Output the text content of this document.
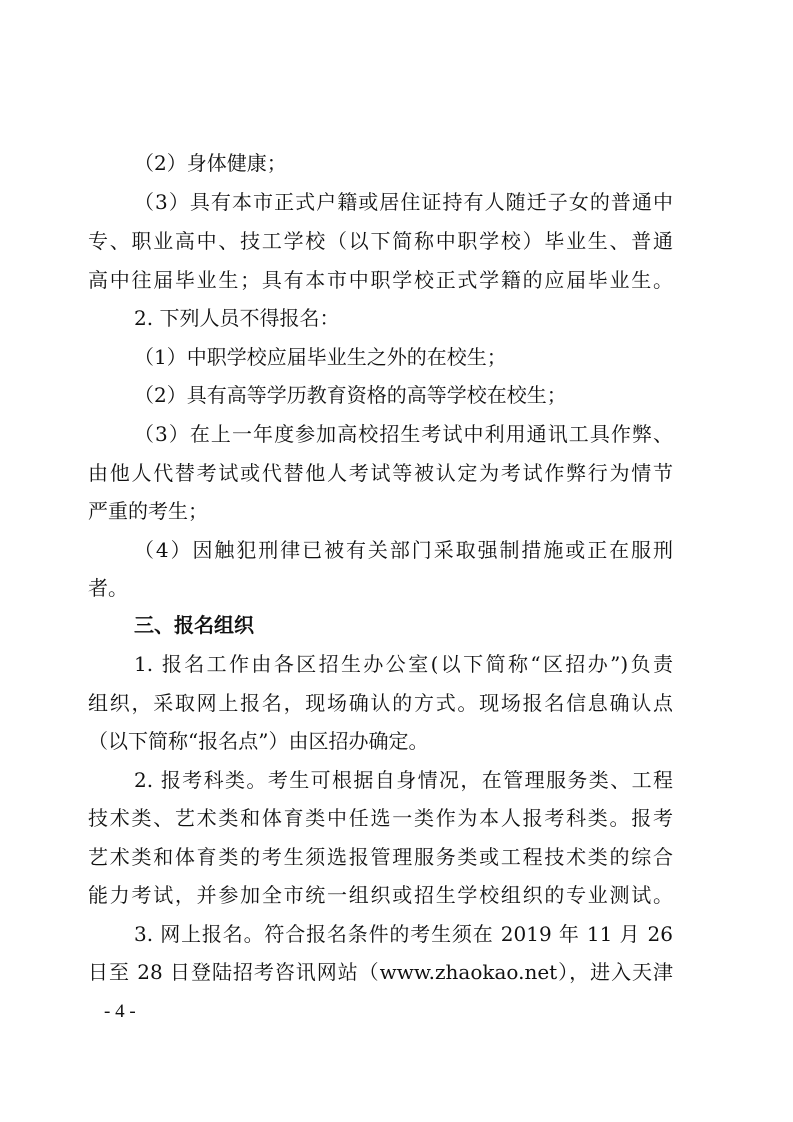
（2）身体健康；
（3）具有本市正式户籍或居住证持有人随迁子女的普通中
专、职业高中、技工学校（以下简称中职学校）毕业生、普通
高中往届毕业生；具有本市中职学校正式学籍的应届毕业生。
2. 下列人员不得报名：
（1）中职学校应届毕业生之外的在校生；
（2）具有高等学历教育资格的高等学校在校生；
（3）在上一年度参加高校招生考试中利用通讯工具作弊、
由他人代替考试或代替他人考试等被认定为考试作弊行为情节
严重的考生；
（4）因触犯刑律已被有关部门采取强制措施或正在服刑
者。
三、报名组织
1. 报名工作由各区招生办公室(以下简称“区招办”)负责
组织，采取网上报名，现场确认的方式。现场报名信息确认点
（以下简称“报名点”）由区招办确定。
2. 报考科类。考生可根据自身情况，在管理服务类、工程
技术类、艺术类和体育类中任选一类作为本人报考科类。报考
艺术类和体育类的考生须选报管理服务类或工程技术类的综合
能力考试，并参加全市统一组织或招生学校组织的专业测试。
3. 网上报名。符合报名条件的考生须在 2019 年 11 月 26
日至 28 日登陆招考咨讯网站（www.zhaokao.net），进入天津
- 4 -
